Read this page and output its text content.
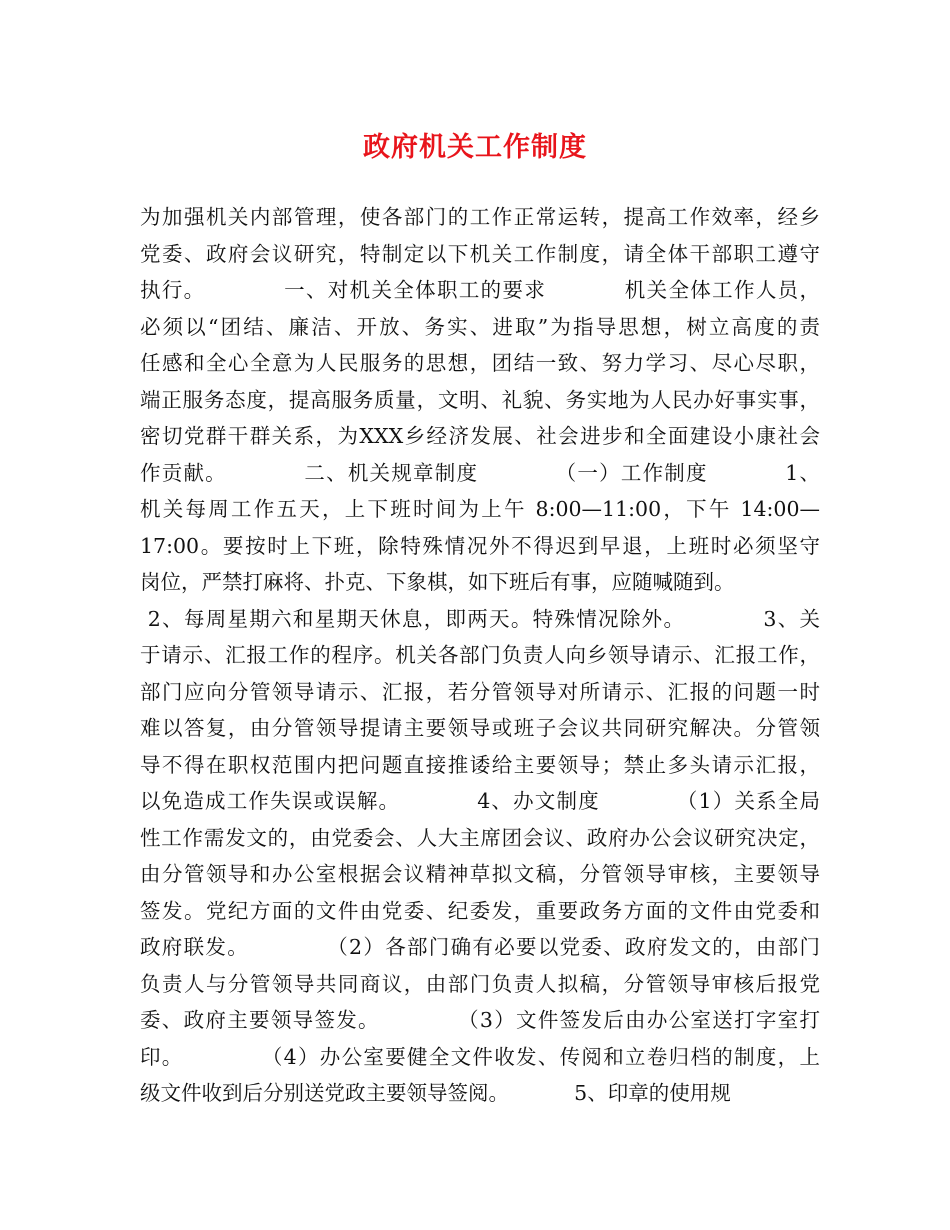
政府机关工作制度
为加强机关内部管理，使各部门的工作正常运转，提高工作效率，经乡
党委、政府会议研究，特制定以下机关工作制度，请全体干部职工遵守
执行。          一、对机关全体职工的要求          机关全体工作人员，
必须以“团结、廉洁、开放、务实、进取”为指导思想，树立高度的责
任感和全心全意为人民服务的思想，团结一致、努力学习、尽心尽职，
端正服务态度，提高服务质量，文明、礼貌、务实地为人民办好事实事，
密切党群干群关系，为XXX乡经济发展、社会进步和全面建设小康社会
作贡献。          二、机关规章制度          （一）工作制度          1、
机关每周工作五天，上下班时间为上午 8:00—11:00，下午 14:00—
17:00。要按时上下班，除特殊情况外不得迟到早退，上班时必须坚守
岗位，严禁打麻将、扑克、下象棋，如下班后有事，应随喊随到。
2、每周星期六和星期天休息，即两天。特殊情况除外。          3、关
于请示、汇报工作的程序。机关各部门负责人向乡领导请示、汇报工作，
部门应向分管领导请示、汇报，若分管领导对所请示、汇报的问题一时
难以答复，由分管领导提请主要领导或班子会议共同研究解决。分管领
导不得在职权范围内把问题直接推诿给主要领导；禁止多头请示汇报，
以免造成工作失误或误解。          4、办文制度          （1）关系全局
性工作需发文的，由党委会、人大主席团会议、政府办公会议研究决定，
由分管领导和办公室根据会议精神草拟文稿，分管领导审核，主要领导
签发。党纪方面的文件由党委、纪委发，重要政务方面的文件由党委和
政府联发。          （2）各部门确有必要以党委、政府发文的，由部门
负责人与分管领导共同商议，由部门负责人拟稿，分管领导审核后报党
委、政府主要领导签发。          （3）文件签发后由办公室送打字室打
印。          （4）办公室要健全文件收发、传阅和立卷归档的制度，上
级文件收到后分别送党政主要领导签阅。          5、印章的使用规
